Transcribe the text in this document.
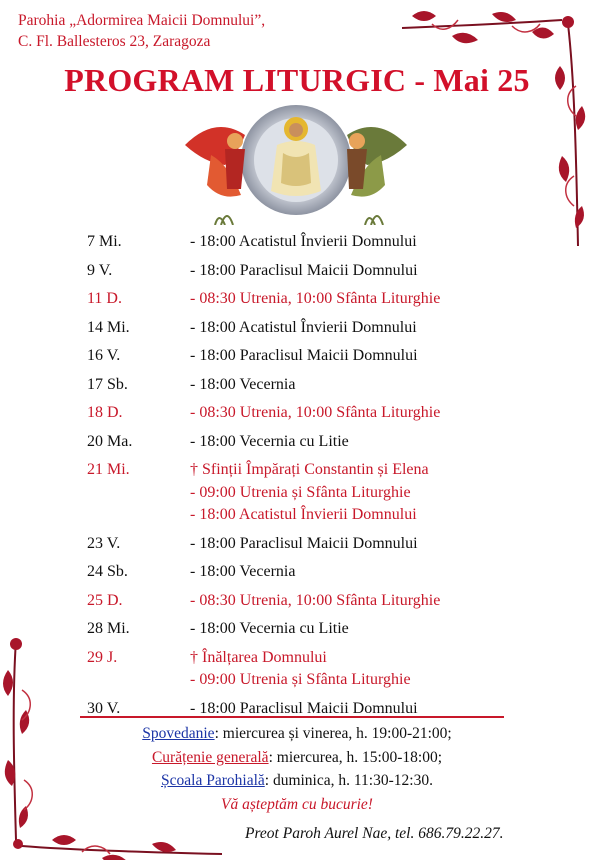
Parohia „Adormirea Maicii Domnului”,
C. Fl. Ballesteros 23, Zaragoza
PROGRAM LITURGIC - Mai 25
7 Mi.	- 18:00 Acatistul Învierii Domnului
9 V.	- 18:00 Paraclisul Maicii Domnului
11 D.	- 08:30 Utrenia, 10:00 Sfânta Liturghie
14 Mi.	- 18:00 Acatistul Învierii Domnului
16 V.	- 18:00 Paraclisul Maicii Domnului
17 Sb.	- 18:00 Vecernia
18 D.	- 08:30 Utrenia, 10:00 Sfânta Liturghie
20 Ma.	- 18:00 Vecernia cu Litie
21 Mi.	† Sfinții Împărați Constantin și Elena
- 09:00 Utrenia și Sfânta Liturghie
- 18:00 Acatistul Învierii Domnului
23 V.	- 18:00 Paraclisul Maicii Domnului
24 Sb.	- 18:00 Vecernia
25 D.	- 08:30 Utrenia, 10:00 Sfânta Liturghie
28 Mi.	- 18:00 Vecernia cu Litie
29 J.	† Înălțarea Domnului
- 09:00 Utrenia și Sfânta Liturghie
30 V.	- 18:00 Paraclisul Maicii Domnului
Spovedanie: miercurea și vinerea, h. 19:00-21:00;
Curățenie generală: miercurea, h. 15:00-18:00;
Școala Parohială: duminica, h. 11:30-12:30.
Vă așteptăm cu bucurie!
Preot Paroh Aurel Nae, tel. 686.79.22.27.
